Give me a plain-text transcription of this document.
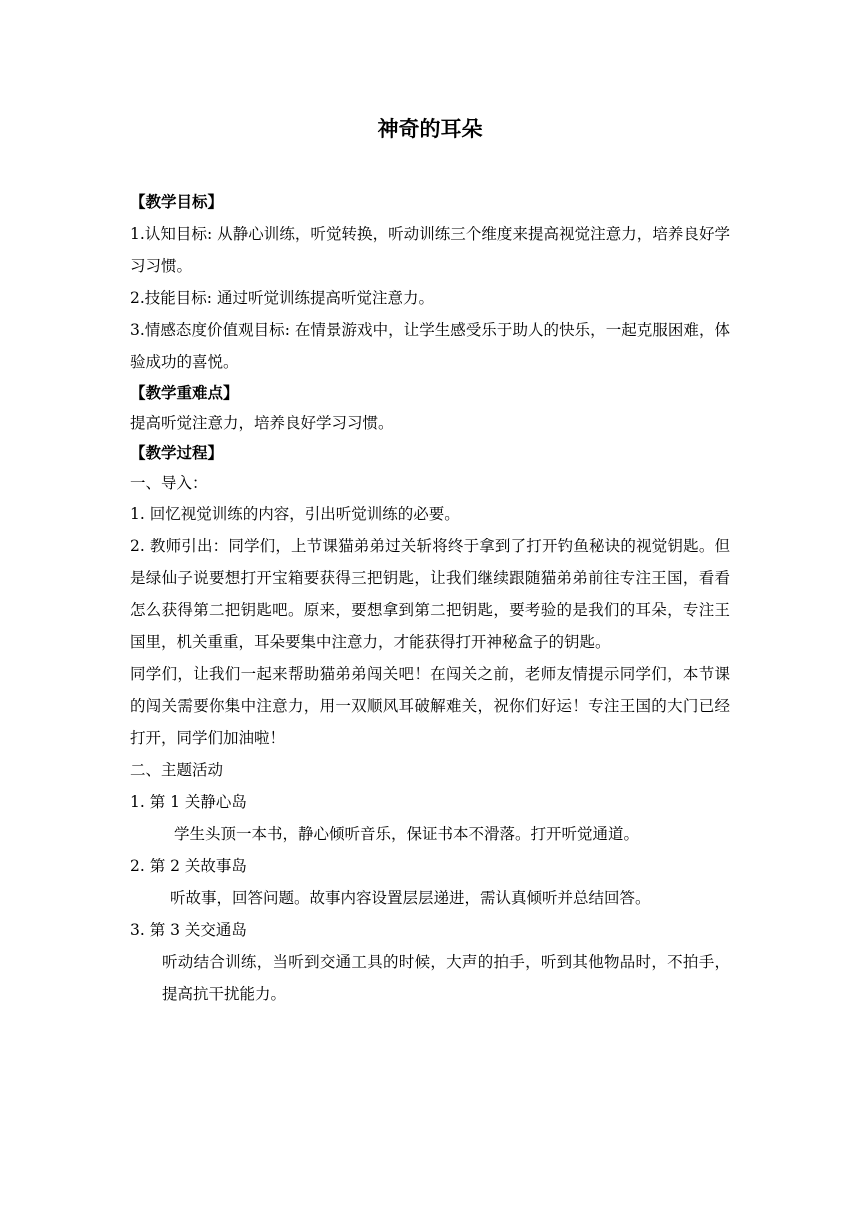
神奇的耳朵

【教学目标】

1.认知目标: 从静心训练，听觉转换，听动训练三个维度来提高视觉注意力，培养良好学习习惯。

2.技能目标: 通过听觉训练提高听觉注意力。

3.情感态度价值观目标: 在情景游戏中，让学生感受乐于助人的快乐，一起克服困难，体验成功的喜悦。

【教学重难点】

提高听觉注意力，培养良好学习习惯。

【教学过程】

一、导入：

1. 回忆视觉训练的内容，引出听觉训练的必要。

2. 教师引出：同学们，上节课猫弟弟过关斩将终于拿到了打开钓鱼秘诀的视觉钥匙。但是绿仙子说要想打开宝箱要获得三把钥匙，让我们继续跟随猫弟弟前往专注王国，看看怎么获得第二把钥匙吧。原来，要想拿到第二把钥匙，要考验的是我们的耳朵，专注王国里，机关重重，耳朵要集中注意力，才能获得打开神秘盒子的钥匙。

同学们，让我们一起来帮助猫弟弟闯关吧！在闯关之前，老师友情提示同学们，本节课的闯关需要你集中注意力，用一双顺风耳破解难关，祝你们好运！专注王国的大门已经打开，同学们加油啦！

二、主题活动

1. 第 1 关静心岛

学生头顶一本书，静心倾听音乐，保证书本不滑落。打开听觉通道。

2. 第 2 关故事岛

听故事，回答问题。故事内容设置层层递进，需认真倾听并总结回答。

3. 第 3 关交通岛

听动结合训练，当听到交通工具的时候，大声的拍手，听到其他物品时，不拍手，提高抗干扰能力。
